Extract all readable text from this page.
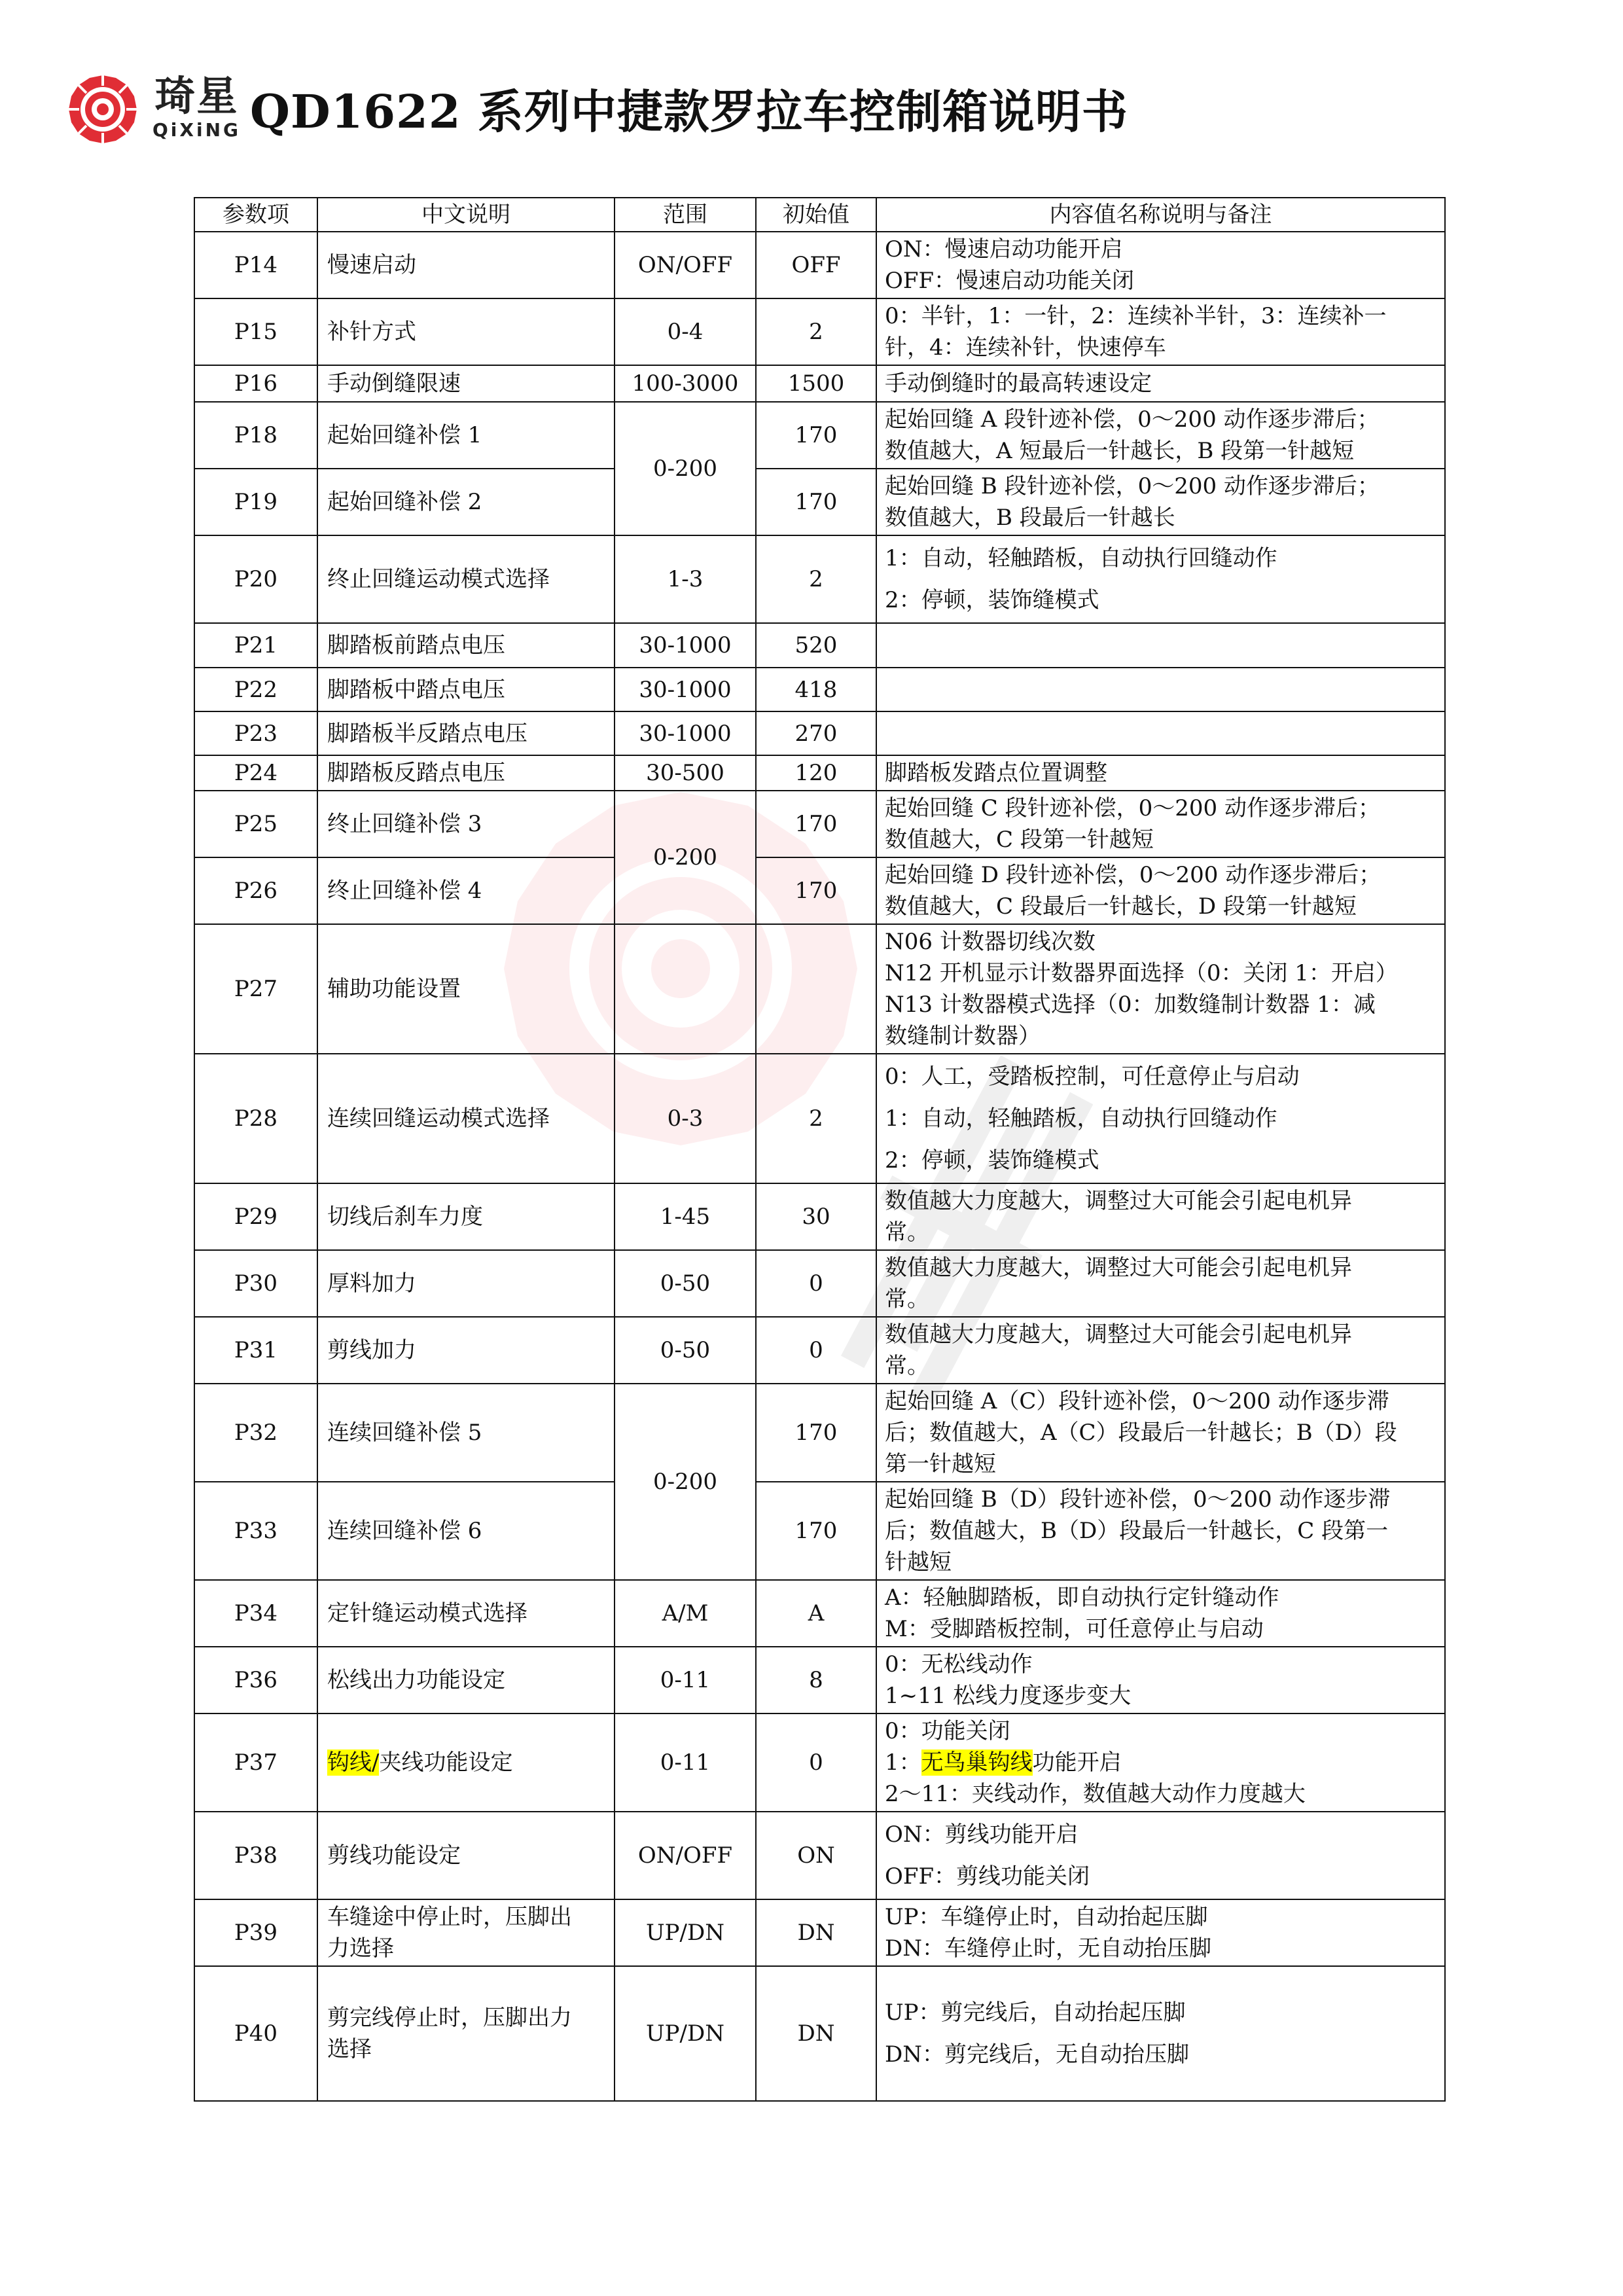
琦星
QiXiNG QD1622 系列中捷款罗拉车控制箱说明书
参数项	中文说明	范围	初始值	内容值名称说明与备注
P14	慢速启动	ON/OFF	OFF	ON：慢速启动功能开启
OFF：慢速启动功能关闭

P15	补针方式	0-4	2	0：半针，1：一针，2：连续补半针，3：连续补一
针，4：连续补针，快速停车

P16	手动倒缝限速	100-3000	1500	手动倒缝时的最高转速设定

P18	起始回缝补偿 1	0-200	170	起始回缝 A 段针迹补偿，0～200 动作逐步滞后；
数值越大，A 短最后一针越长，B 段第一针越短

P19	起始回缝补偿 2		170	起始回缝 B 段针迹补偿，0～200 动作逐步滞后；
数值越大，B 段最后一针越长

P20	终止回缝运动模式选择	1-3	2	1：自动，轻触踏板，自动执行回缝动作
2：停顿，装饰缝模式

P21	脚踏板前踏点电压	30-1000	520	
P22	脚踏板中踏点电压	30-1000	418	
P23	脚踏板半反踏点电压	30-1000	270	
P24	脚踏板反踏点电压	30-500	120	脚踏板发踏点位置调整

P25	终止回缝补偿 3	0-200	170	起始回缝 C 段针迹补偿，0～200 动作逐步滞后；
数值越大，C 段第一针越短

P26	终止回缝补偿 4		170	起始回缝 D 段针迹补偿，0～200 动作逐步滞后；
数值越大，C 段最后一针越长，D 段第一针越短

P27	辅助功能设置			N06 计数器切线次数
N12 开机显示计数器界面选择（0：关闭 1：开启）
N13 计数器模式选择（0：加数缝制计数器 1：减
数缝制计数器）

P28	连续回缝运动模式选择	0-3	2	0：人工，受踏板控制，可任意停止与启动
1：自动，轻触踏板，自动执行回缝动作
2：停顿，装饰缝模式

P29	切线后刹车力度	1-45	30	数值越大力度越大，调整过大可能会引起电机异
常。

P30	厚料加力	0-50	0	数值越大力度越大，调整过大可能会引起电机异
常。

P31	剪线加力	0-50	0	数值越大力度越大，调整过大可能会引起电机异
常。

P32	连续回缝补偿 5	0-200	170	起始回缝 A（C）段针迹补偿，0～200 动作逐步滞
后；数值越大，A（C）段最后一针越长；B（D）段
第一针越短

P33	连续回缝补偿 6		170	起始回缝 B（D）段针迹补偿，0～200 动作逐步滞
后；数值越大，B（D）段最后一针越长，C 段第一
针越短

P34	定针缝运动模式选择	A/M	A	A：轻触脚踏板，即自动执行定针缝动作
M：受脚踏板控制，可任意停止与启动

P36	松线出力功能设定	0-11	8	0：无松线动作
1~11 松线力度逐步变大

P37	钩线/夹线功能设定	0-11	0	0：功能关闭
1：无鸟巢钩线功能开启
2～11：夹线动作，数值越大动作力度越大

P38	剪线功能设定	ON/OFF	ON	ON：剪线功能开启
OFF：剪线功能关闭

P39	车缝途中停止时，压脚出
力选择	UP/DN	DN	UP：车缝停止时，自动抬起压脚
DN：车缝停止时，无自动抬压脚

P40	剪完线停止时，压脚出力
选择	UP/DN	DN	UP：剪完线后，自动抬起压脚
DN：剪完线后，无自动抬压脚
